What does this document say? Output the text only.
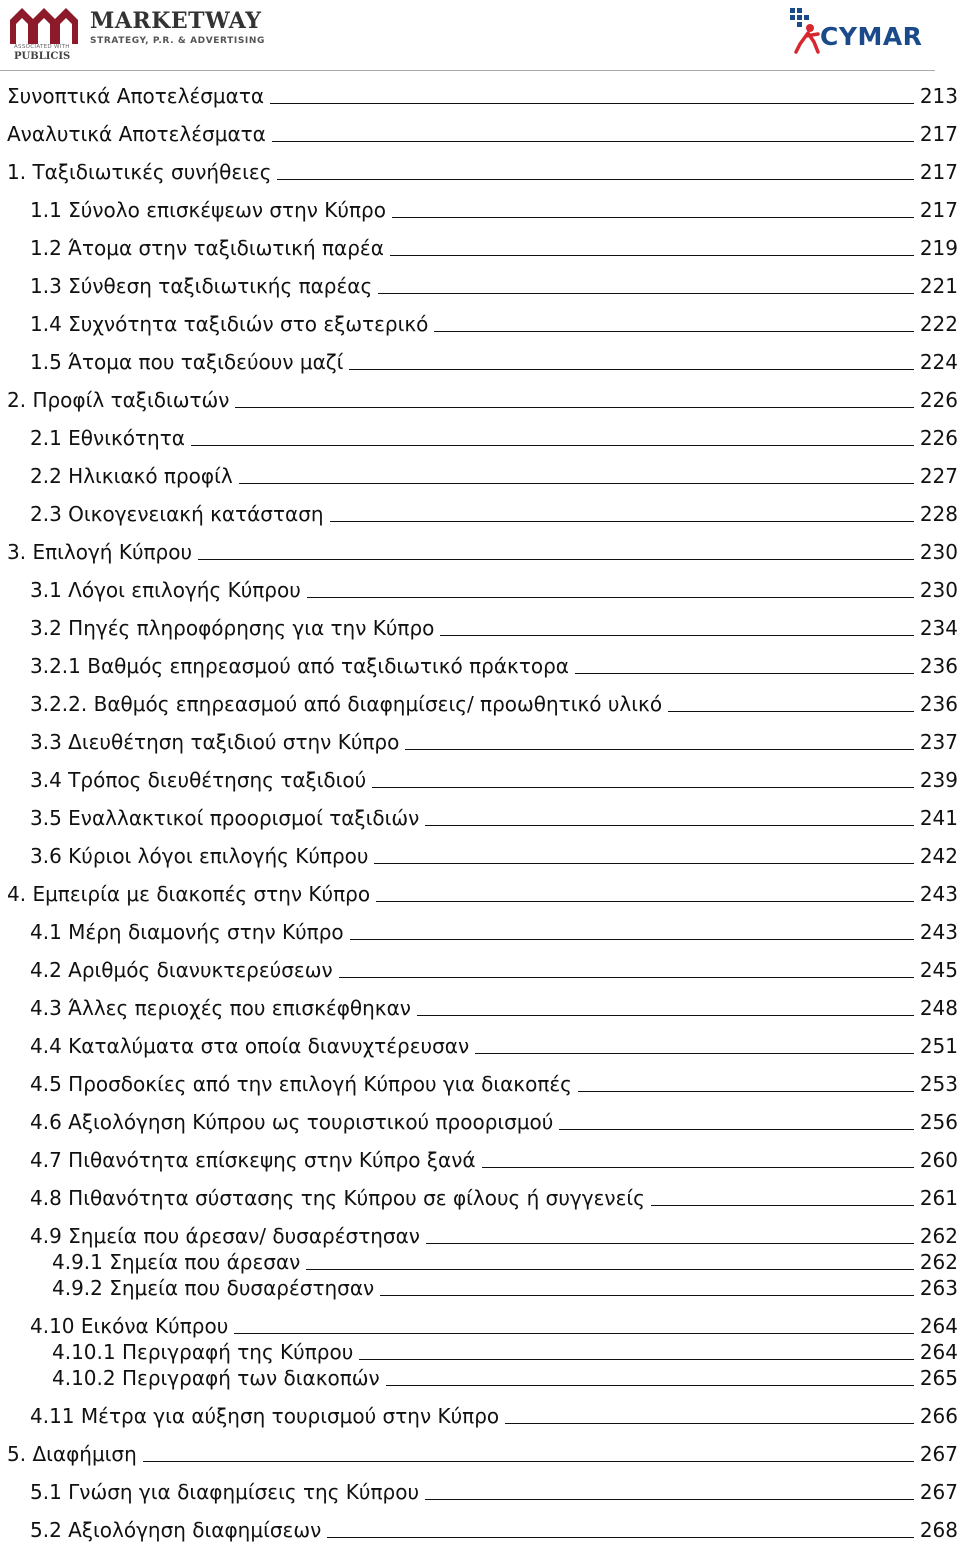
MARKETWAY
STRATEGY, P.R. & ADVERTISING
ASSOCIATED WITH
PUBLICIS
CYMAR
Συνοπτικά Αποτελέσματα	213
Αναλυτικά Αποτελέσματα	217
1. Ταξιδιωτικές συνήθειες	217
1.1 Σύνολο επισκέψεων στην Κύπρο	217
1.2 Άτομα στην ταξιδιωτική παρέα	219
1.3 Σύνθεση ταξιδιωτικής παρέας	221
1.4 Συχνότητα ταξιδιών στο εξωτερικό	222
1.5 Άτομα που ταξιδεύουν μαζί	224
2. Προφίλ ταξιδιωτών	226
2.1 Εθνικότητα	226
2.2 Ηλικιακό προφίλ	227
2.3 Οικογενειακή κατάσταση	228
3. Επιλογή Κύπρου	230
3.1 Λόγοι επιλογής Κύπρου	230
3.2 Πηγές πληροφόρησης για την Κύπρο	234
3.2.1 Βαθμός επηρεασμού από ταξιδιωτικό πράκτορα	236
3.2.2. Βαθμός επηρεασμού από διαφημίσεις/ προωθητικό υλικό	236
3.3 Διευθέτηση ταξιδιού στην Κύπρο	237
3.4 Τρόπος διευθέτησης ταξιδιού	239
3.5 Εναλλακτικοί προορισμοί ταξιδιών	241
3.6 Κύριοι λόγοι επιλογής Κύπρου	242
4. Εμπειρία με διακοπές στην Κύπρο	243
4.1 Μέρη διαμονής στην Κύπρο	243
4.2 Αριθμός διανυκτερεύσεων	245
4.3 Άλλες περιοχές που επισκέφθηκαν	248
4.4 Καταλύματα στα οποία διανυχτέρευσαν	251
4.5 Προσδοκίες από την επιλογή Κύπρου για διακοπές	253
4.6 Αξιολόγηση Κύπρου ως τουριστικού προορισμού	256
4.7 Πιθανότητα επίσκεψης στην Κύπρο ξανά	260
4.8 Πιθανότητα σύστασης της Κύπρου σε φίλους ή συγγενείς	261
4.9 Σημεία που άρεσαν/ δυσαρέστησαν	262
4.9.1 Σημεία που άρεσαν	262
4.9.2 Σημεία που δυσαρέστησαν	263
4.10 Εικόνα Κύπρου	264
4.10.1 Περιγραφή της Κύπρου	264
4.10.2 Περιγραφή των διακοπών	265
4.11 Μέτρα για αύξηση τουρισμού στην Κύπρο	266
5. Διαφήμιση	267
5.1 Γνώση για διαφημίσεις της Κύπρου	267
5.2 Αξιολόγηση διαφημίσεων	268
